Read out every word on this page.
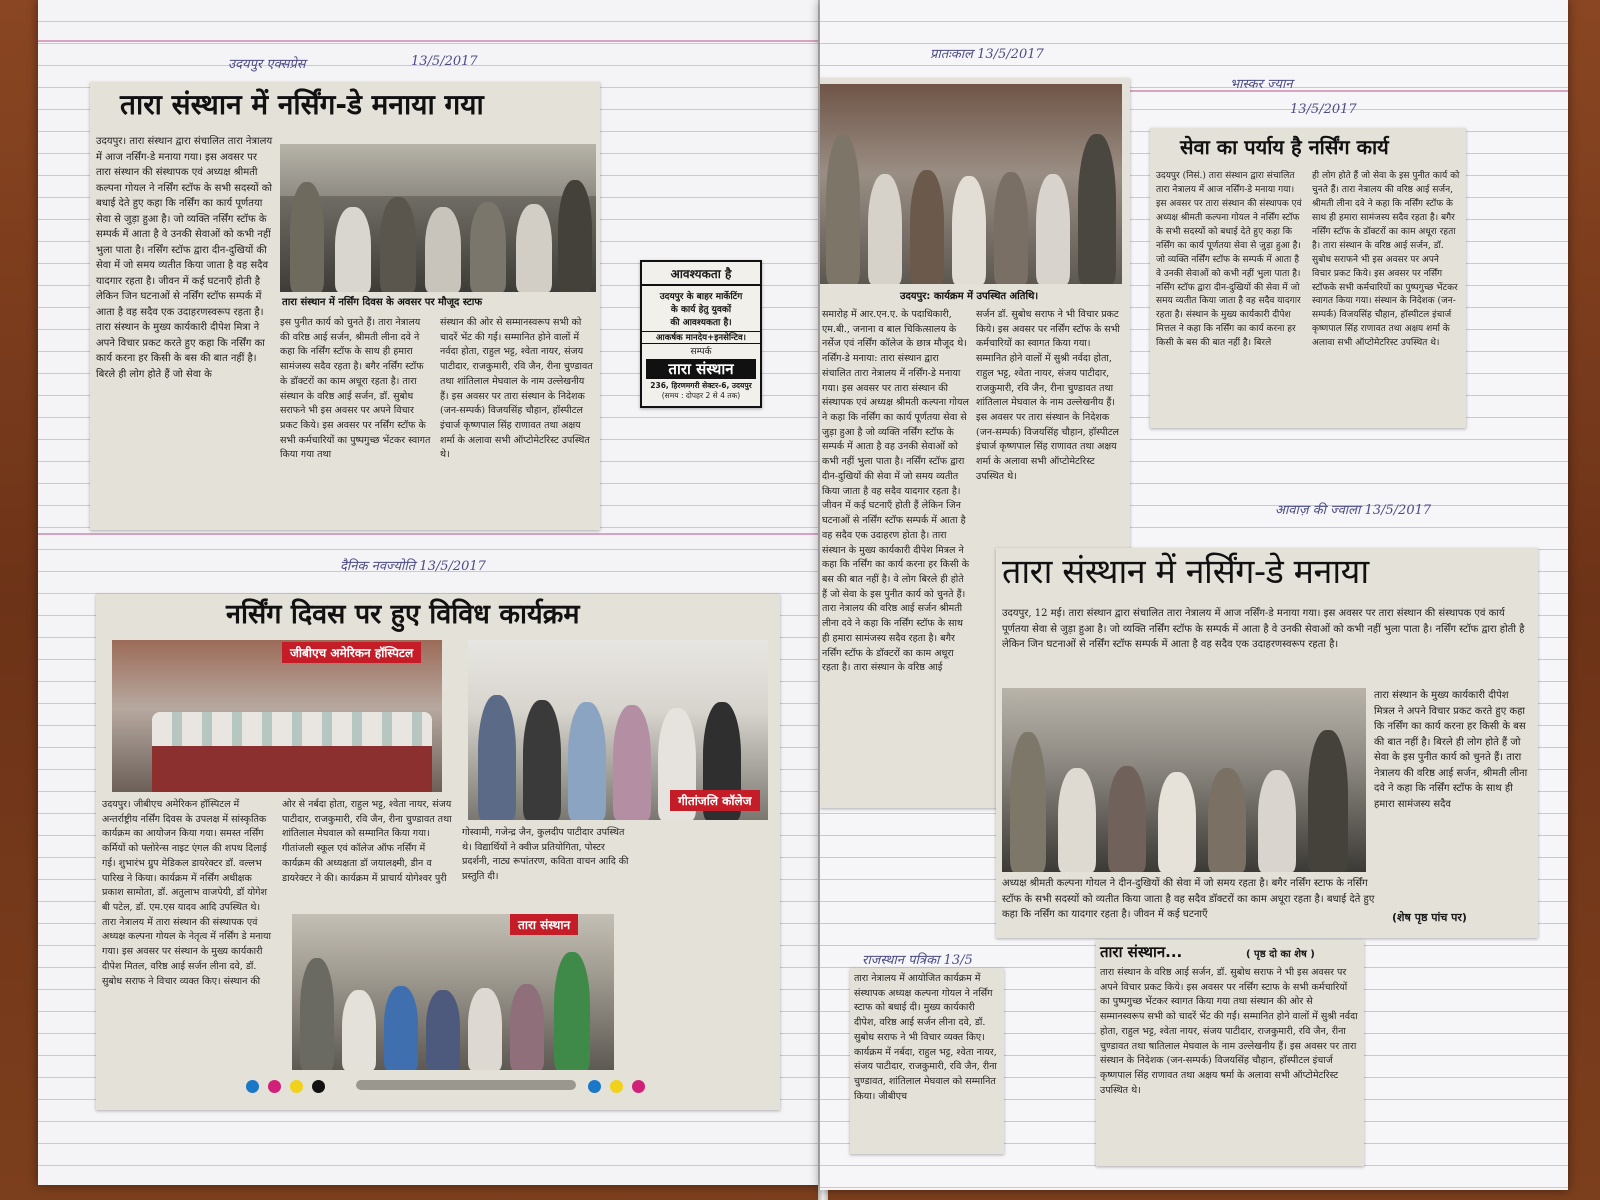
उदयपुर एक्सप्रेस	13/5/2017
दैनिक नवज्योति 13/5/2017
तारा संस्थान में नर्सिंग-डे मनाया गया
उदयपुर। तारा संस्थान द्वारा संचालित तारा नेत्रालय में आज नर्सिंग-डे मनाया गया। इस अवसर पर तारा संस्थान की संस्थापक एवं अध्यक्ष श्रीमती कल्पना गोयल ने नर्सिंग स्टॉफ के सभी सदस्यों को बधाई देते हुए कहा कि नर्सिंग का कार्य पूर्णतया सेवा से जुड़ा हुआ है। जो व्यक्ति नर्सिंग स्टॉफ के सम्पर्क में आता है वे उनकी सेवाओं को कभी नहीं भुला पाता है। नर्सिंग स्टॉफ द्वारा दीन-दुखियों की सेवा में जो समय व्यतीत किया जाता है वह सदैव यादगार रहता है। जीवन में कई घटनाएँ होती है लेकिन जिन घटनाओं से नर्सिंग स्टॉफ सम्पर्क में आता है वह सदैव एक उदाहरणस्वरूप रहता है। तारा संस्थान के मुख्य कार्यकारी दीपेश मित्रा ने अपने विचार प्रकट करते हुए कहा कि नर्सिंग का कार्य करना हर किसी के बस की बात नहीं है। बिरले ही लोग होते हैं जो सेवा के
तारा संस्थान में नर्सिंग दिवस के अवसर पर मौजूद स्टाफ
इस पुनीत कार्य को चुनते हैं। तारा नेत्रालय की वरिष्ठ आई सर्जन, श्रीमती लीना दवे ने कहा कि नर्सिंग स्टॉफ के साथ ही हमारा सामंजस्य सदैव रहता है। बगैर नर्सिंग स्टॉफ के डॉक्टरों का काम अधूरा रहता है। तारा संस्थान के वरिष्ठ आई सर्जन, डॉ. सुबोध सराफने भी इस अवसर पर अपने विचार प्रकट किये। इस अवसर पर नर्सिंग स्टॉफ के सभी कर्मचारियों का पुष्पगुच्छ भेंटकर स्वागत किया गया तथा
संस्थान की ओर से सम्मानस्वरूप सभी को चादरें भेंट की गईं। सम्मानित होने वालों में नर्वदा होता, राहुल भट्ट, श्वेता नायर, संजय पाटीदार, राजकुमारी, रवि जैन, रीना चुण्डावत तथा शांतिलाल मेघवाल के नाम उल्लेखनीय हैं। इस अवसर पर तारा संस्थान के निदेशक (जन-सम्पर्क) विजयसिंह चौहान, हॉस्पीटल इंचार्ज कृष्णपाल सिंह राणावत तथा अक्षय शर्मा के अलावा सभी ऑप्टोमेटरिस्ट उपस्थित थे।
आवश्यकता है
उदयपुर के बाहर मार्केटिंग
के कार्य हेतु युवकों
की आवश्यकता है।
आकर्षक मानदेय+इनसेन्टिव।
सम्पर्क
तारा संस्थान
236, हिरणमगरी सेक्टर-6, उदयपुर
(समय : दोपहर 2 से 4 तक)
नर्सिंग दिवस पर हुए विविध कार्यक्रम
जीबीएच अमेरिकन हॉस्पिटल
गीतांजलि कॉलेज
उदयपुर। जीबीएच अमेरिकन हॉस्पिटल में अन्तर्राष्ट्रीय नर्सिंग दिवस के उपलक्ष में सांस्कृतिक कार्यक्रम का आयोजन किया गया। समस्त नर्सिंग कर्मियों को फ्लोरेन्स नाइट एंगल की शपथ दिलाई गई। शुभारंभ ग्रुप मेडिकल डायरेक्टर डॉ. वल्लभ पारिख ने किया। कार्यक्रम में नर्सिंग अधीक्षक प्रकाश सामोता, डॉ. अतुलाभ वाजपेयी, डॉ योगेश बी पटेल, डॉ. एम.एस यादव आदि उपस्थित थे। तारा नेत्रालय में तारा संस्थान की संस्थापक एवं अध्यक्ष कल्पना गोयल के नेतृत्व में नर्सिंग डे मनाया गया। इस अवसर पर संस्थान के मुख्य कार्यकारी दीपेश मितल, वरिष्ठ आई सर्जन लीना दवे, डॉ. सुबोध सराफ ने विचार व्यक्त किए। संस्थान की
ओर से नर्बदा होता, राहुल भट्ट, श्वेता नायर, संजय पाटीदार, राजकुमारी, रवि जैन, रीना चुण्डावत तथा शांतिलाल मेघवाल को सम्मानित किया गया। गीतांजली स्कूल एवं कॉलेज ऑफ नर्सिंग में कार्यक्रम की अध्यक्षता डॉ जयालक्ष्मी, डीन व डायरेक्टर ने की। कार्यक्रम में प्राचार्य योगेश्वर पुरी
गोस्वामी, गजेन्द्र जैन, कुलदीप पाटीदार उपस्थित थे। विद्यार्थियों ने क्वीज प्रतियोगिता, पोस्टर प्रदर्शनी, नाट्य रूपांतरण, कविता वाचन आदि की प्रस्तुति दी।
तारा संस्थान
प्रातःकाल 13/5/2017
भास्कर ज्यान
13/5/2017
आवाज़ की ज्वाला 13/5/2017
राजस्थान पत्रिका 13/5
उदयपुर: कार्यक्रम में उपस्थित अतिथि।
समारोह में आर.एन.ए. के पदाधिकारी, एम.बी., जनाना व बाल चिकित्सालय के नर्सेज एवं नर्सिंग कॉलेज के छात्र मौजूद थे। नर्सिंग-डे मनाया: तारा संस्थान द्वारा संचालित तारा नेत्रालय में नर्सिंग-डे मनाया गया। इस अवसर पर तारा संस्थान की संस्थापक एवं अध्यक्ष श्रीमती कल्पना गोयल ने कहा कि नर्सिंग का कार्य पूर्णतया सेवा से जुड़ा हुआ है जो व्यक्ति नर्सिंग स्टॉफ के सम्पर्क में आता है वह उनकी सेवाओं को कभी नहीं भुला पाता है। नर्सिंग स्टॉफ द्वारा दीन-दुखियों की सेवा में जो समय व्यतीत किया जाता है वह सदैव यादगार रहता है। जीवन में कई घटनाएँ होती हैं लेकिन जिन घटनाओं से नर्सिंग स्टॉफ सम्पर्क में आता है वह सदैव एक उदाहरण होता है। तारा संस्थान के मुख्य कार्यकारी दीपेश मित्रल ने कहा कि नर्सिंग का कार्य करना हर किसी के बस की बात नहीं है। वे लोग बिरले ही होते हैं जो सेवा के इस पुनीत कार्य को चुनते हैं। तारा नेत्रालय की वरिष्ठ आई सर्जन श्रीमती लीना दवे ने कहा कि नर्सिंग स्टॉफ के साथ ही हमारा सामंजस्य सदैव रहता है। बगैर नर्सिंग स्टॉफ के डॉक्टरों का काम अधूरा रहता है। तारा संस्थान के वरिष्ठ आई
सर्जन डॉ. सुबोध सराफ ने भी विचार प्रकट किये। इस अवसर पर नर्सिंग स्टॉफ के सभी कर्मचारियों का स्वागत किया गया। सम्मानित होने वालों में सुश्री नर्वदा होता, राहुल भट्ट, श्वेता नायर, संजय पाटीदार, राजकुमारी, रवि जैन, रीना चुण्डावत तथा शांतिलाल मेघवाल के नाम उल्लेखनीय हैं। इस अवसर पर तारा संस्थान के निदेशक (जन-सम्पर्क) विजयसिंह चौहान, हॉस्पीटल इंचार्ज कृष्णपाल सिंह राणावत तथा अक्षय शर्मा के अलावा सभी ऑप्टोमेटरिस्ट उपस्थित थे।
सेवा का पर्याय है नर्सिंग कार्य
उदयपुर (निसं.) तारा संस्थान द्वारा संचालित तारा नेत्रालय में आज नर्सिंग-डे मनाया गया। इस अवसर पर तारा संस्थान की संस्थापक एवं अध्यक्ष श्रीमती कल्पना गोयल ने नर्सिंग स्टॉफ के सभी सदस्यों को बधाई देते हुए कहा कि नर्सिंग का कार्य पूर्णतया सेवा से जुड़ा हुआ है। जो व्यक्ति नर्सिंग स्टॉफ के सम्पर्क में आता है वे उनकी सेवाओं को कभी नहीं भुला पाता है। नर्सिंग स्टॉफ द्वारा दीन-दुखियों की सेवा में जो समय व्यतीत किया जाता है वह सदैव यादगार रहता है। संस्थान के मुख्य कार्यकारी दीपेश मित्तल ने कहा कि नर्सिंग का कार्य करना हर किसी के बस की बात नहीं है। बिरले
ही लोग होते हैं जो सेवा के इस पुनीत कार्य को चुनते हैं। तारा नेत्रालय की वरिष्ठ आई सर्जन, श्रीमती लीना दवे ने कहा कि नर्सिंग स्टॉफ के साथ ही हमारा सामंजस्य सदैव रहता है। बगैर नर्सिंग स्टॉफ के डॉक्टरों का काम अधूरा रहता है। तारा संस्थान के वरिष्ठ आई सर्जन, डॉ. सुबोध सराफने भी इस अवसर पर अपने विचार प्रकट किये। इस अवसर पर नर्सिंग स्टॉफके सभी कर्मचारियों का पुष्पगुच्छ भेंटकर स्वागत किया गया। संस्थान के निदेशक (जन-सम्पर्क) विजयसिंह चौहान, हॉस्पीटल इंचार्ज कृष्णपाल सिंह राणावत तथा अक्षय शर्मा के अलावा सभी ऑप्टोमेटरिस्ट उपस्थित थे।
तारा संस्थान में नर्सिंग-डे मनाया
उदयपुर, 12 मई। तारा संस्थान द्वारा संचालित तारा नेत्रालय में आज नर्सिंग-डे मनाया गया। इस अवसर पर तारा संस्थान की संस्थापक एवं कार्य पूर्णतया सेवा से जुड़ा हुआ है। जो व्यक्ति नर्सिंग स्टॉफ के सम्पर्क में आता है वे उनकी सेवाओं को कभी नहीं भुला पाता है। नर्सिंग स्टॉफ द्वारा होती है लेकिन जिन घटनाओं से नर्सिंग स्टॉफ सम्पर्क में आता है वह सदैव एक उदाहरणस्वरूप रहता है।
तारा संस्थान के मुख्य कार्यकारी दीपेश मित्रल ने अपने विचार प्रकट करते हुए कहा कि नर्सिंग का कार्य करना हर किसी के बस की बात नहीं है। बिरले ही लोग होते हैं जो सेवा के इस पुनीत कार्य को चुनते हैं। तारा नेत्रालय की वरिष्ठ आई सर्जन, श्रीमती लीना दवे ने कहा कि नर्सिंग स्टॉफ के साथ ही हमारा सामंजस्य सदैव
अध्यक्ष श्रीमती कल्पना गोयल ने दीन-दुखियों की सेवा में जो समय रहता है। बगैर नर्सिंग स्टाफ के नर्सिंग स्टॉफ के सभी सदस्यों को व्यतीत किया जाता है वह सदैव डॉक्टरों का काम अधूरा रहता है। बधाई देते हुए कहा कि नर्सिंग का यादगार रहता है। जीवन में कई घटनाएँ	(शेष पृष्ठ पांच पर)
तारा नेत्रालय में आयोजित कार्यक्रम में संस्थापक अध्यक्ष कल्पना गोयल ने नर्सिंग स्टाफ को बधाई दी। मुख्य कार्यकारी दीपेश, वरिष्ठ आई सर्जन लीना दवे, डॉ. सुबोध सराफ ने भी विचार व्यक्त किए। कार्यक्रम में नर्बदा, राहुल भट्ट, श्वेता नायर, संजय पाटीदार, राजकुमारी, रवि जैन, रीना चुण्डावत, शांतिलाल मेघवाल को सम्मानित किया। जीबीएच
तारा संस्थान...	( पृष्ठ दो का शेष )
तारा संस्थान के वरिष्ठ आई सर्जन, डॉ. सुबोध सराफ ने भी इस अवसर पर अपने विचार प्रकट किये। इस अवसर पर नर्सिंग स्टाफ के सभी कर्मचारियों का पुष्पगुच्छ भेंटकर स्वागत किया गया तथा संस्थान की ओर से सम्मानस्वरूप सभी को चादरें भेंट की गईं। सम्मानित होने वालों में सुश्री नर्वदा होता, राहुल भट्ट, श्वेता नायर, संजय पाटीदार, राजकुमारी, रवि जैन, रीना चुण्डावत तथा षातिलाल मेघवाल के नाम उल्लेखनीय हैं। इस अवसर पर तारा संस्थान के निदेशक (जन-सम्पर्क) विजयसिंह चौहान, हॉस्पीटल इंचार्ज कृष्णपाल सिंह राणावत तथा अक्षय षर्मा के अलावा सभी ऑप्टोमेटरिस्ट उपस्थित थे।
